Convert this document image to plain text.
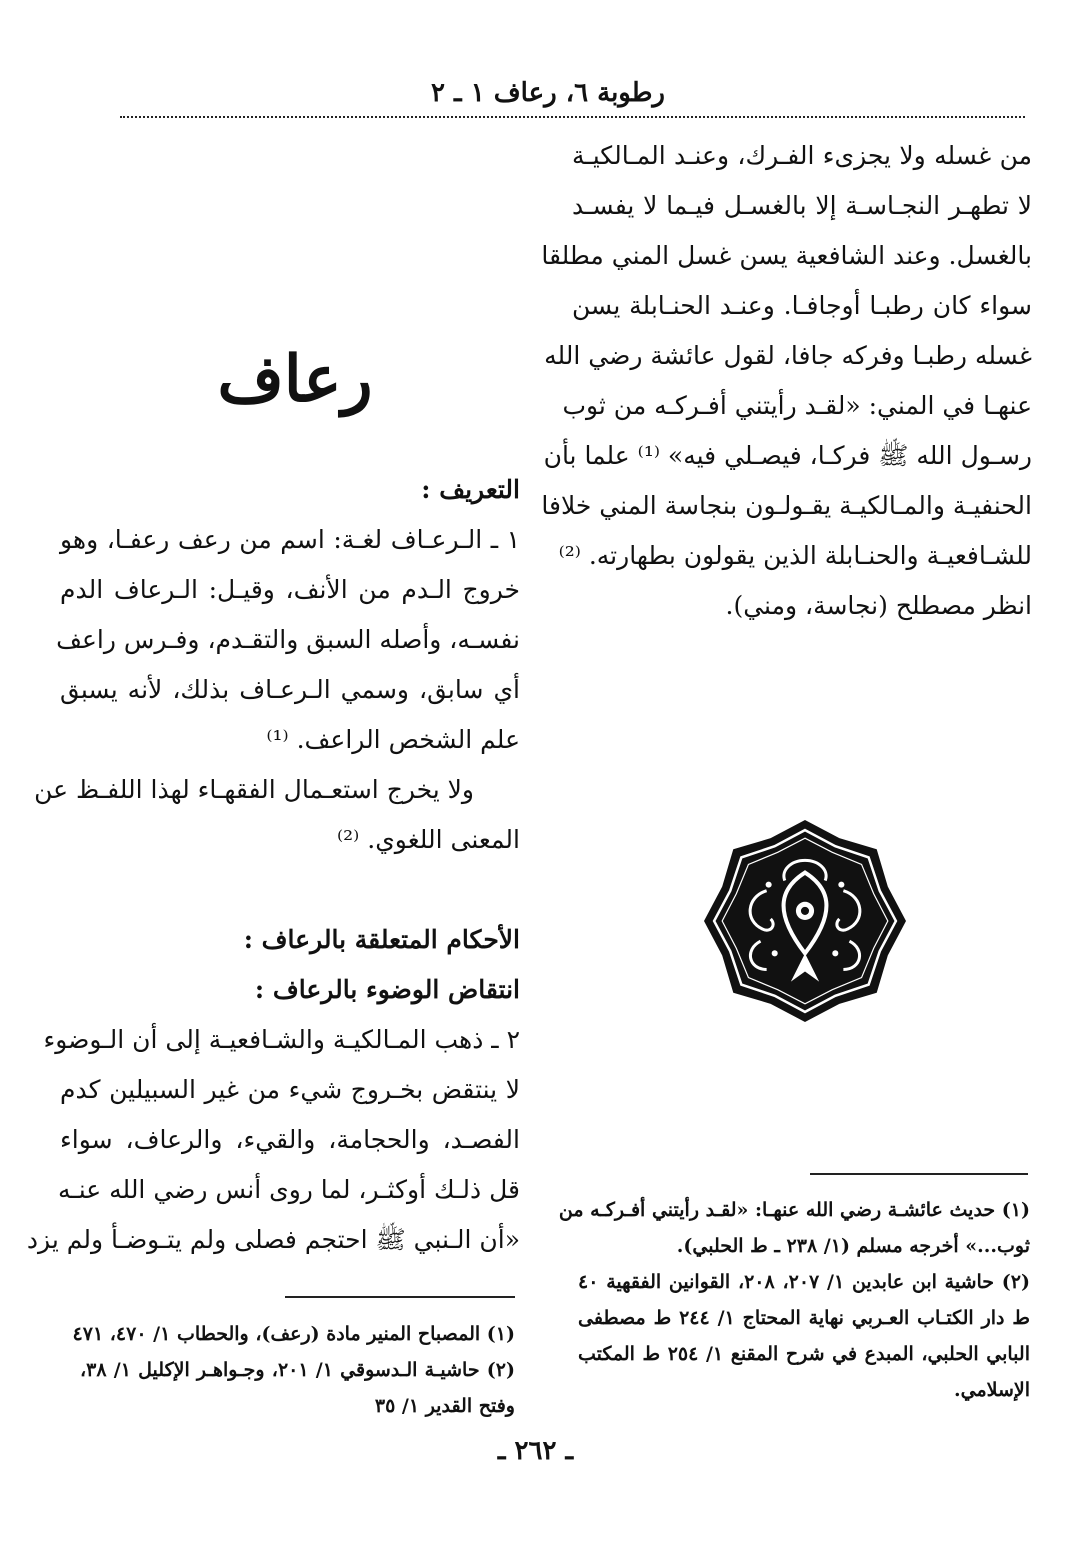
رطوبة ٦، رعاف ١ ـ ٢
من غسله ولا يجزىء الفـرك، وعنـد المـالكيـة
لا تطهـر النجـاسـة إلا بالغسـل فيـما لا يفسـد
بالغسل. وعند الشافعية يسن غسل المني مطلقا
سواء كان رطبـا أوجافـا. وعنـد الحنـابلة يسن
غسله رطبـا وفركه جافا، لقول عائشة رضي الله
عنهـا في المني: «لقـد رأيتني أفـركـه من ثوب
رسـول الله ﷺ فركـا، فيصـلي فيه» ⁽¹⁾ علما بأن
الحنفيـة والمـالكيـة يقـولـون بنجاسة المني خلافا
للشـافعيـة والحنـابلة الذين يقولون بطهارته. ⁽²⁾
انظر مصطلح (نجاسة، ومني).
رعاف
التعريف :
١ ـ الـرعـاف لغـة: اسم من رعف رعفـا، وهو
خروج الـدم من الأنف، وقيـل: الـرعاف الدم
نفسـه، وأصله السبق والتقـدم، وفـرس راعف
أي سابق، وسمي الـرعـاف بذلك، لأنه يسبق
علم الشخص الراعف. ⁽¹⁾
ولا يخرج استعـمال الفقهـاء لهذا اللفـظ عن
المعنى اللغوي. ⁽²⁾
الأحكام المتعلقة بالرعاف :
انتقاض الوضوء بالرعاف :
٢ ـ ذهب المـالكيـة والشـافعيـة إلى أن الـوضوء
لا ينتقض بخـروج شيء من غير السبيلين كدم
الفصـد، والحجامة، والقيء، والرعاف، سواء
قل ذلـك أوكثـر، لما روى أنس رضي الله عنـه
«أن الـنبي ﷺ احتجم فصلى ولم يتـوضـأ ولم يزد
(١) حديث عائشـة رضي الله عنهـا: «لقـد رأيتني أفـركـه من
ثوب...» أخرجه مسلم (١/ ٢٣٨ ـ ط الحلبي).
(٢) حاشية ابن عابدين ١/ ٢٠٧، ٢٠٨، القوانين الفقهية ٤٠
ط دار الكتـاب العـربي نهاية المحتاج ١/ ٢٤٤ ط مصطفى
البابي الحلبي، المبدع في شرح المقنع ١/ ٢٥٤ ط المكتب
الإسلامي.
(١) المصباح المنير مادة (رعف)، والحطاب ١/ ٤٧٠، ٤٧١
(٢) حاشيـة الـدسوقي ١/ ٢٠١، وجـواهـر الإكليل ١/ ٣٨،
وفتح القدير ١/ ٣٥
ـ ٢٦٢ ـ
